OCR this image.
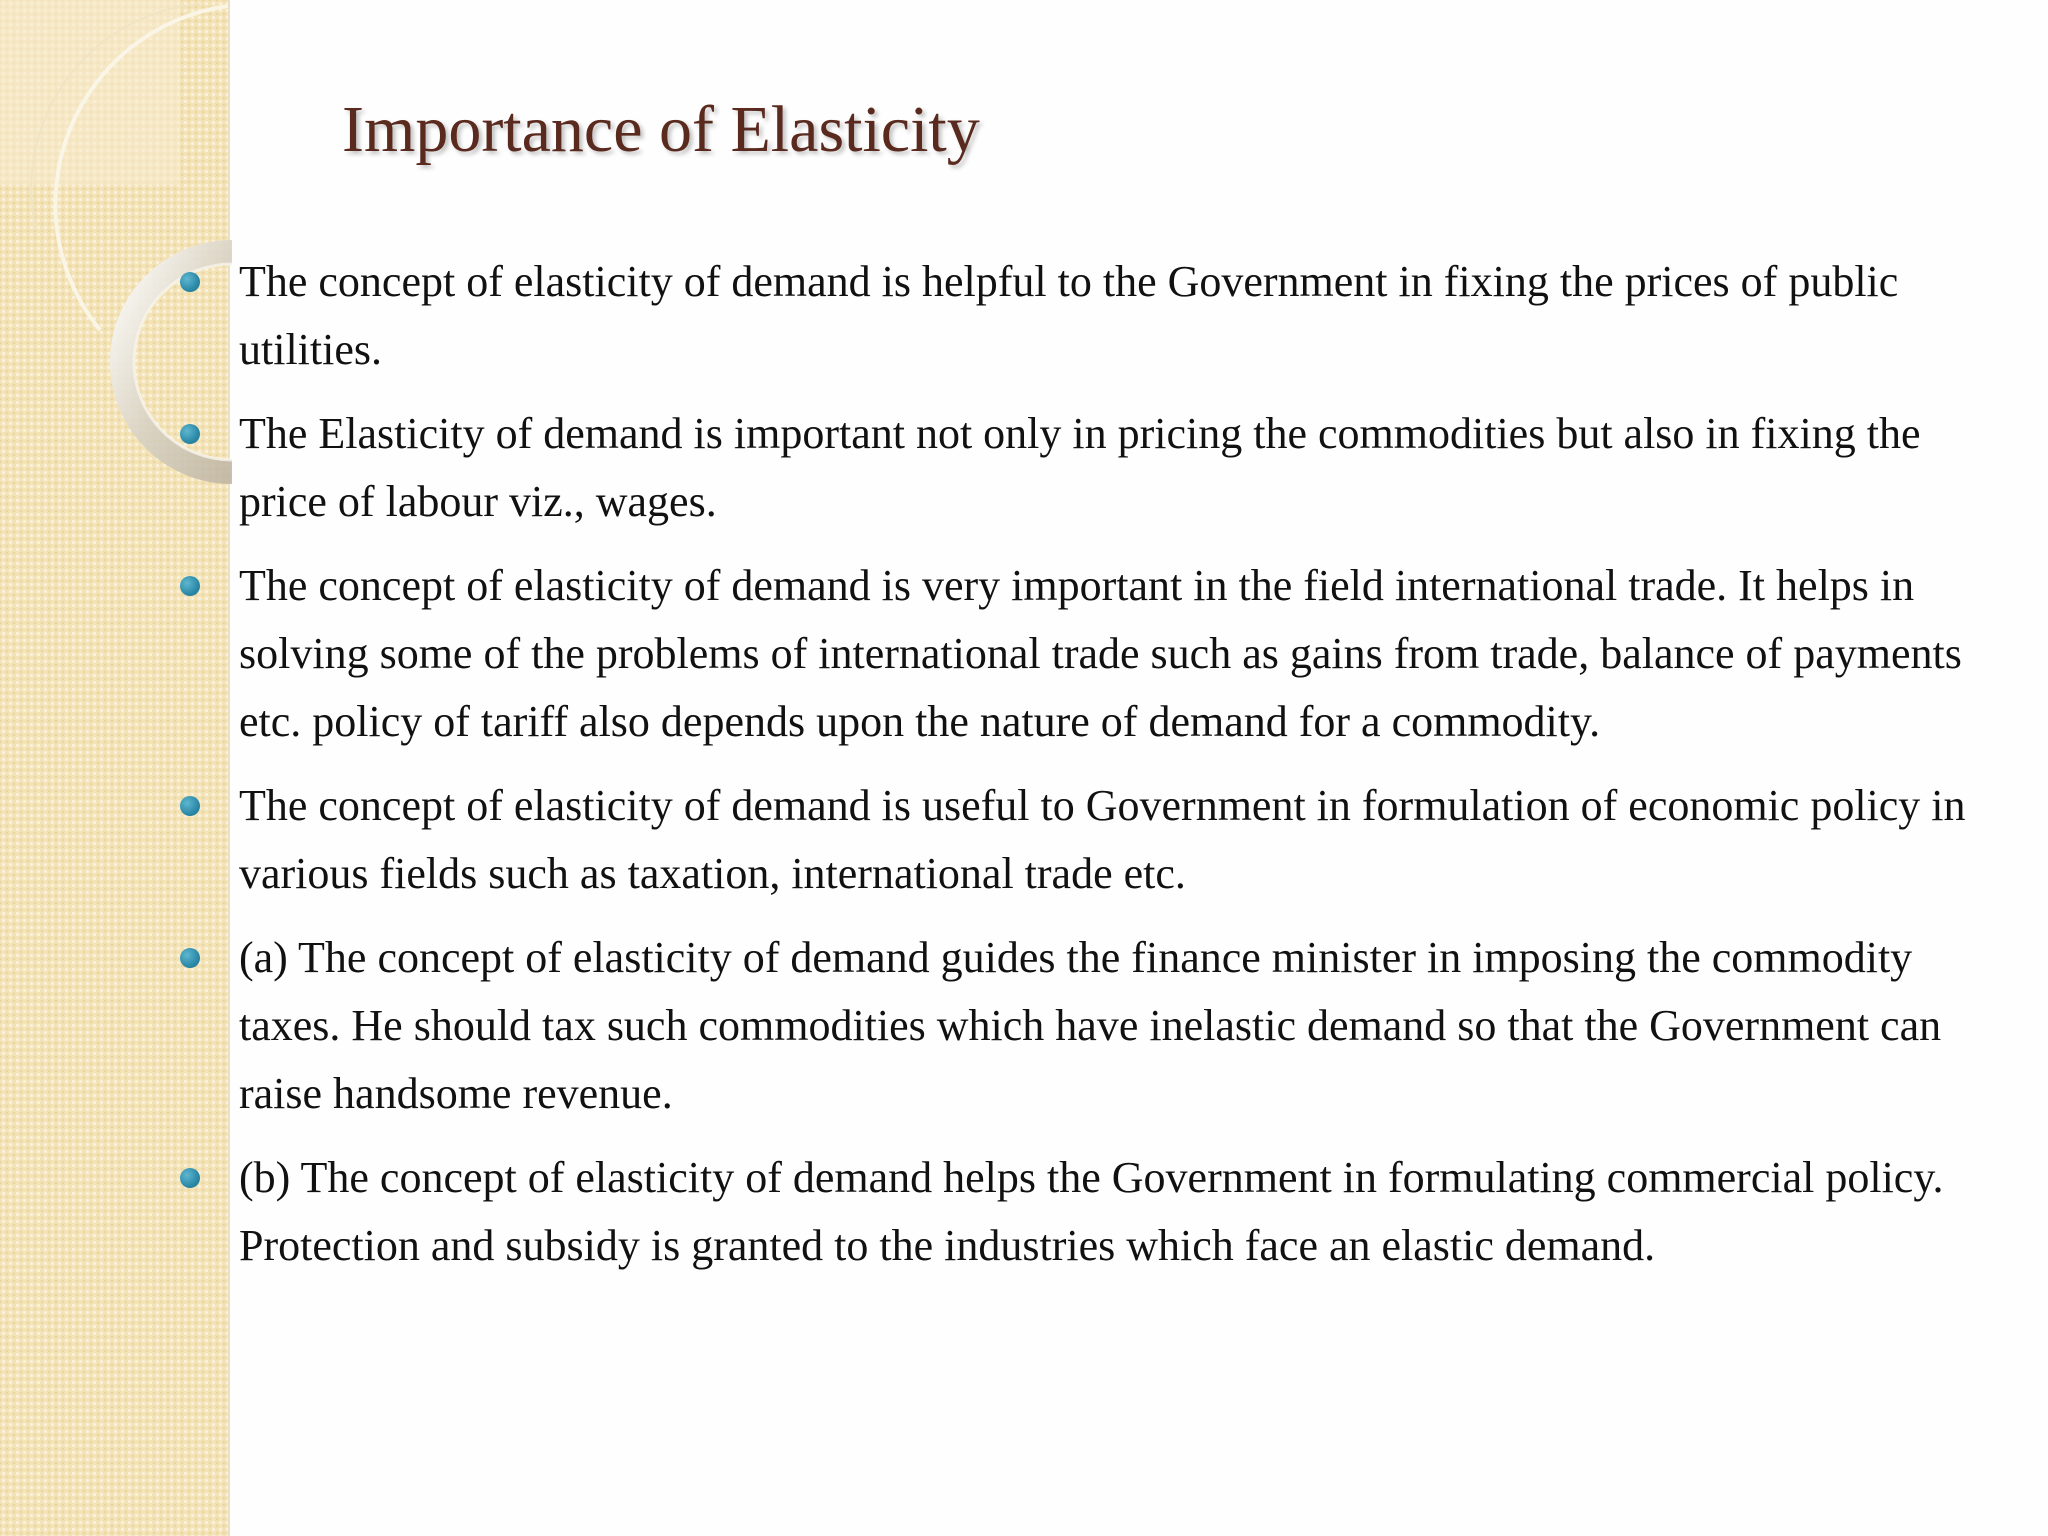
Importance of Elasticity
The concept of elasticity of demand is helpful to the Government in fixing the prices of public utilities.
The Elasticity of demand is important not only in pricing the commodities but also in fixing the price of labour viz., wages.
The concept of elasticity of demand is very important in the field international trade. It helps in solving some of the problems of international trade such as gains from trade, balance of payments etc. policy of tariff also depends upon the nature of demand for a commodity.
The concept of elasticity of demand is useful to Government in formulation of economic policy in various fields such as taxation, international trade etc.
(a) The concept of elasticity of demand guides the finance minister in imposing the commodity taxes. He should tax such commodities which have inelastic demand so that the Government can raise handsome revenue.
(b) The concept of elasticity of demand helps the Government in formulating commercial policy. Protection and subsidy is granted to the industries which face an elastic demand.
